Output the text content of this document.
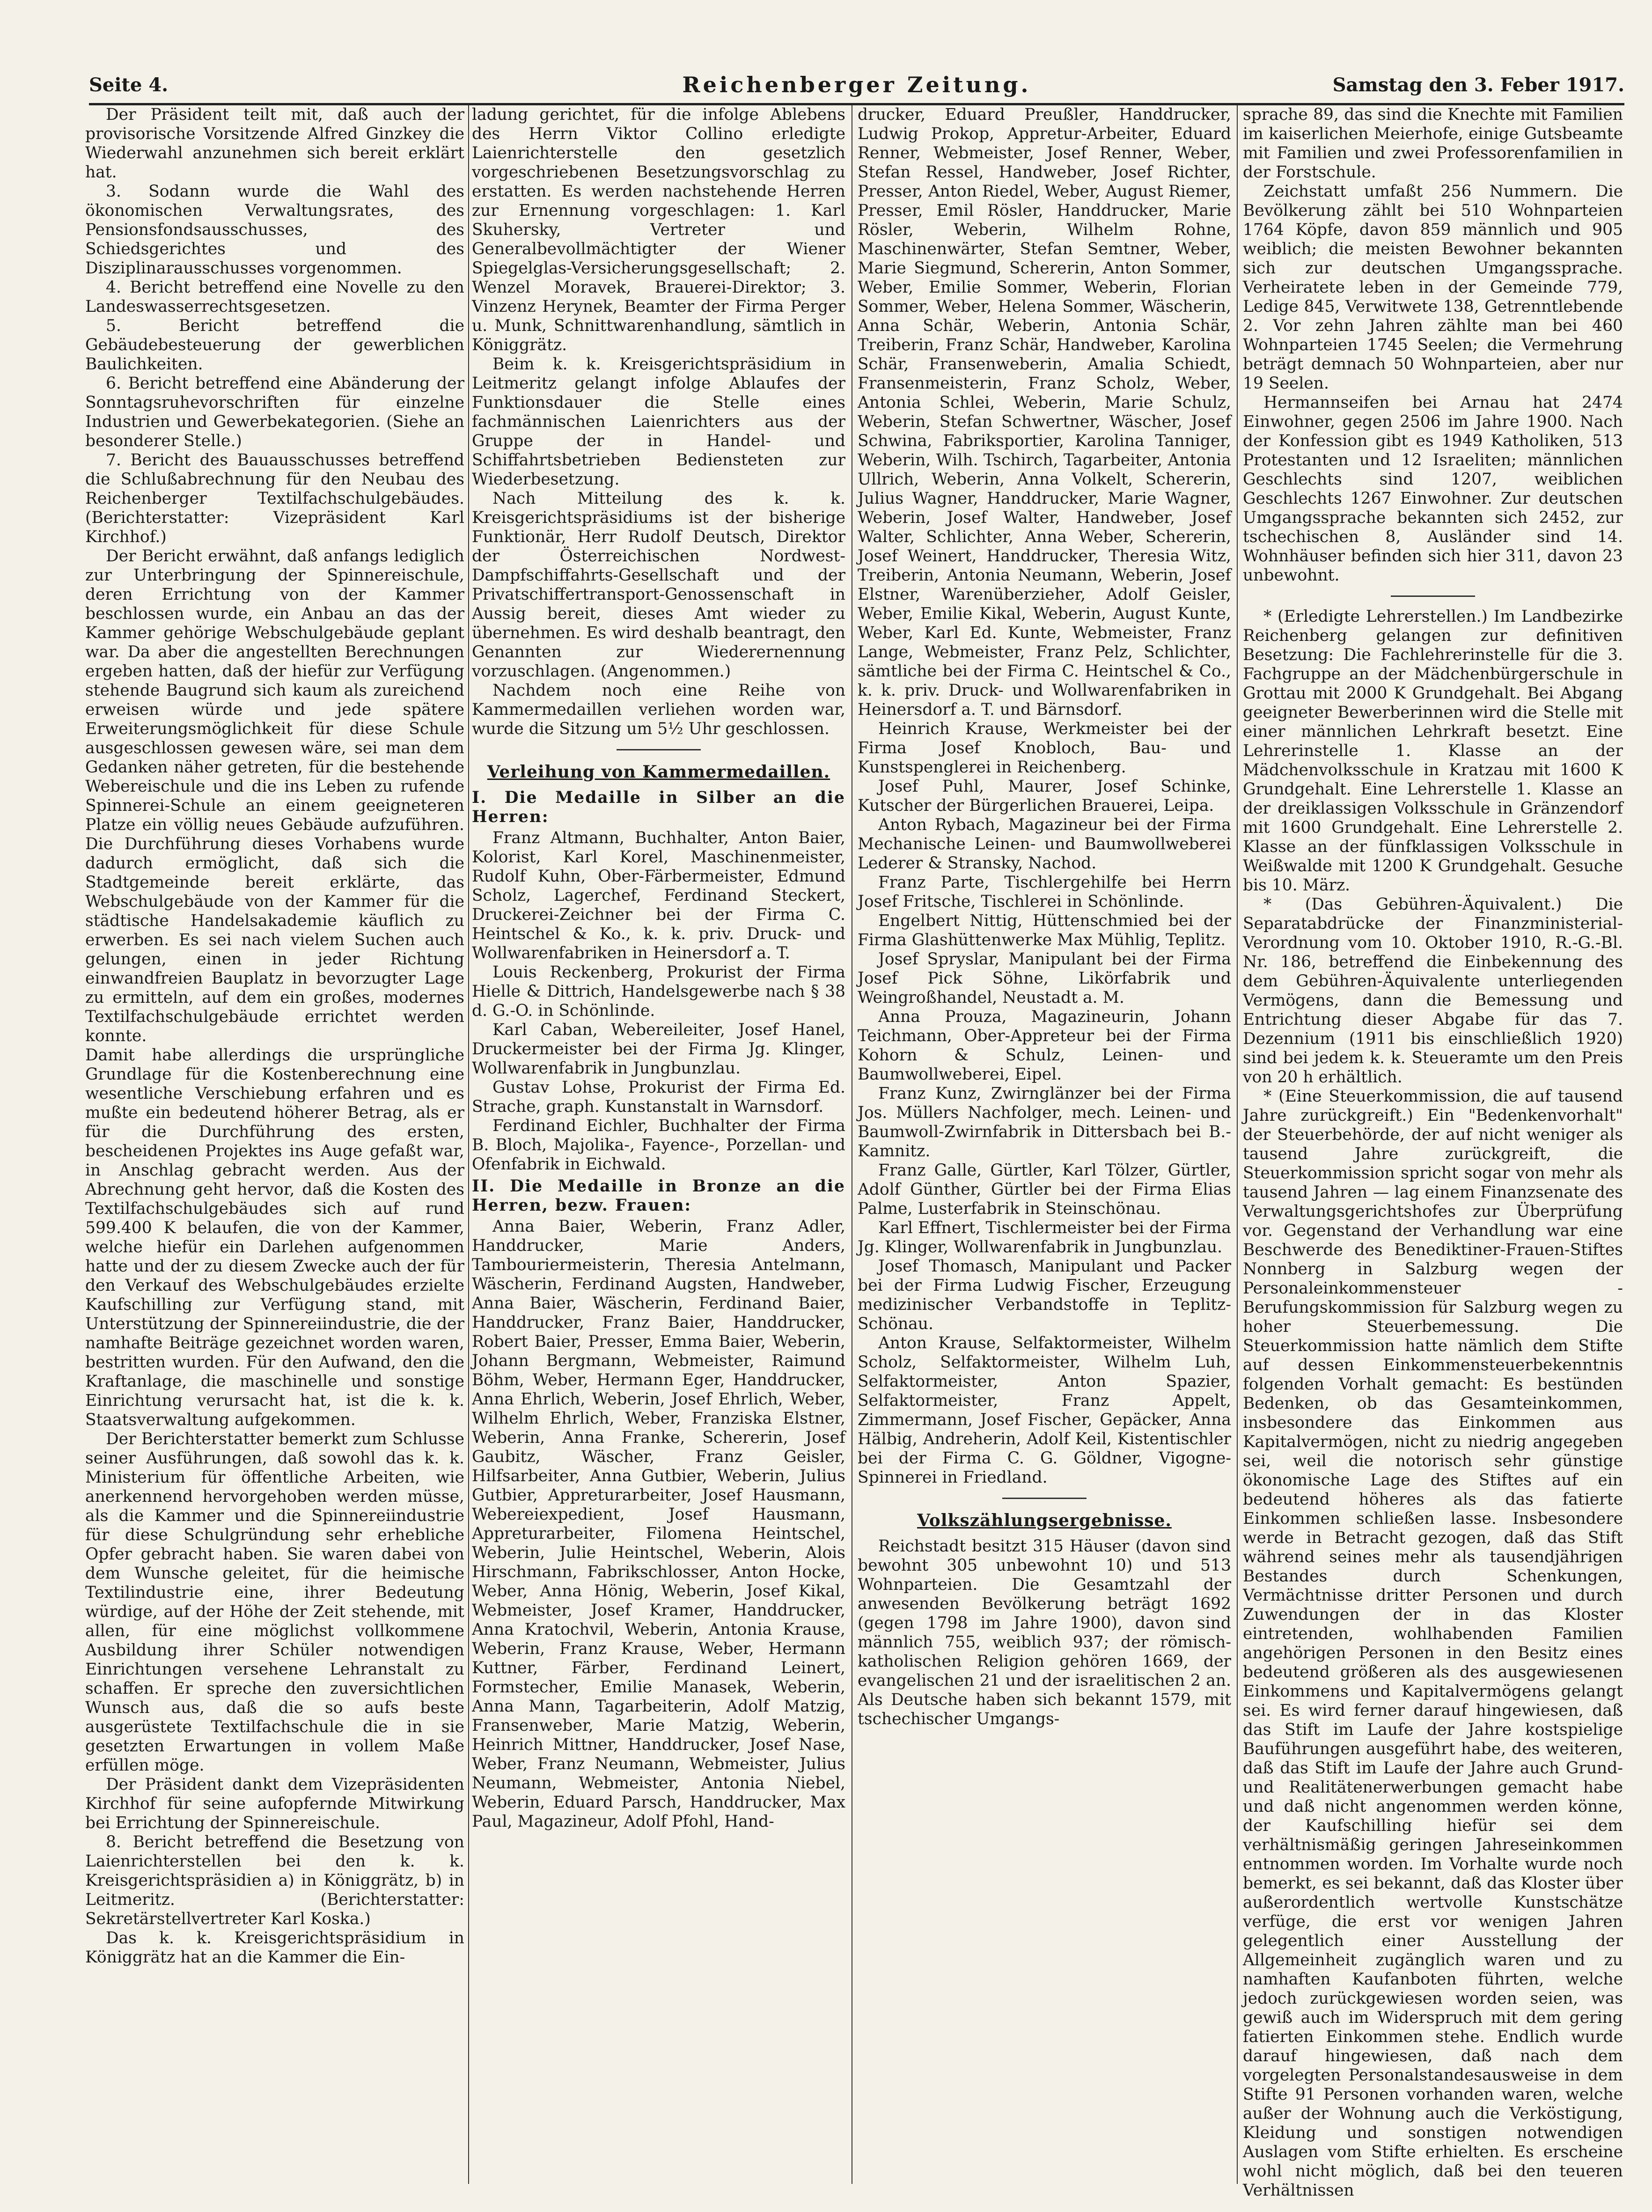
Seite 4.	Reichenberger Zeitung.	Samstag den 3. Feber 1917.

Der Präsident teilt mit, daß auch der provisorische Vorsitzende Alfred Ginzkey die Wiederwahl anzunehmen sich bereit erklärt hat.

3. Sodann wurde die Wahl des ökonomischen Verwaltungsrates, des Pensionsfondsausschusses, des Schiedsgerichtes und des Disziplinarausschusses vorgenommen.

4. Bericht betreffend eine Novelle zu den Landeswasserrechtsgesetzen.

5. Bericht betreffend die Gebäudebesteuerung der gewerblichen Baulichkeiten.

6. Bericht betreffend eine Abänderung der Sonntagsruhevorschriften für einzelne Industrien und Gewerbekategorien. (Siehe an besonderer Stelle.)

7. Bericht des Bauausschusses betreffend die Schlußabrechnung für den Neubau des Reichenberger Textilfachschulgebäudes. (Berichterstatter: Vizepräsident Karl Kirchhof.)

Der Bericht erwähnt, daß anfangs lediglich zur Unterbringung der Spinnereischule, deren Errichtung von der Kammer beschlossen wurde, ein Anbau an das der Kammer gehörige Webschulgebäude geplant war. Da aber die angestellten Berechnungen ergeben hatten, daß der hiefür zur Verfügung stehende Baugrund sich kaum als zureichend erweisen würde und jede spätere Erweiterungsmöglichkeit für diese Schule ausgeschlossen gewesen wäre, sei man dem Gedanken näher getreten, für die bestehende Webereischule und die ins Leben zu rufende Spinnerei-Schule an einem geeigneteren Platze ein völlig neues Gebäude aufzuführen. Die Durchführung dieses Vorhabens wurde dadurch ermöglicht, daß sich die Stadtgemeinde bereit erklärte, das Webschulgebäude von der Kammer für die städtische Handelsakademie käuflich zu erwerben. Es sei nach vielem Suchen auch gelungen, einen in jeder Richtung einwandfreien Bauplatz in bevorzugter Lage zu ermitteln, auf dem ein großes, modernes Textilfachschulgebäude errichtet werden konnte.

Damit habe allerdings die ursprüngliche Grundlage für die Kostenberechnung eine wesentliche Verschiebung erfahren und es mußte ein bedeutend höherer Betrag, als er für die Durchführung des ersten, bescheidenen Projektes ins Auge gefaßt war, in Anschlag gebracht werden. Aus der Abrechnung geht hervor, daß die Kosten des Textilfachschulgebäudes sich auf rund 599.400 K belaufen, die von der Kammer, welche hiefür ein Darlehen aufgenommen hatte und der zu diesem Zwecke auch der für den Verkauf des Webschulgebäudes erzielte Kaufschilling zur Verfügung stand, mit Unterstützung der Spinnereiindustrie, die der namhafte Beiträge gezeichnet worden waren, bestritten wurden. Für den Aufwand, den die Kraftanlage, die maschinelle und sonstige Einrichtung verursacht hat, ist die k. k. Staatsverwaltung aufgekommen.

Der Berichterstatter bemerkt zum Schlusse seiner Ausführungen, daß sowohl das k. k. Ministerium für öffentliche Arbeiten, wie anerkennend hervorgehoben werden müsse, als die Kammer und die Spinnereiindustrie für diese Schulgründung sehr erhebliche Opfer gebracht haben. Sie waren dabei von dem Wunsche geleitet, für die heimische Textilindustrie eine, ihrer Bedeutung würdige, auf der Höhe der Zeit stehende, mit allen, für eine möglichst vollkommene Ausbildung ihrer Schüler notwendigen Einrichtungen versehene Lehranstalt zu schaffen. Er spreche den zuversichtlichen Wunsch aus, daß die so aufs beste ausgerüstete Textilfachschule die in sie gesetzten Erwartungen in vollem Maße erfüllen möge.

Der Präsident dankt dem Vizepräsidenten Kirchhof für seine aufopfernde Mitwirkung bei Errichtung der Spinnereischule.

8. Bericht betreffend die Besetzung von Laienrichterstellen bei den k. k. Kreisgerichtspräsidien a) in Königgrätz, b) in Leitmeritz. (Berichterstatter: Sekretärstellvertreter Karl Koska.)

Das k. k. Kreisgerichtspräsidium in Königgrätz hat an die Kammer die Ein-

ladung gerichtet, für die infolge Ablebens des Herrn Viktor Collino erledigte Laienrichterstelle den gesetzlich vorgeschriebenen Besetzungsvorschlag zu erstatten. Es werden nachstehende Herren zur Ernennung vorgeschlagen: 1. Karl Skuhersky, Vertreter und Generalbevollmächtigter der Wiener Spiegelglas-Versicherungsgesellschaft; 2. Wenzel Moravek, Brauerei-Direktor; 3. Vinzenz Herynek, Beamter der Firma Perger u. Munk, Schnittwarenhandlung, sämtlich in Königgrätz.

Beim k. k. Kreisgerichtspräsidium in Leitmeritz gelangt infolge Ablaufes der Funktionsdauer die Stelle eines fachmännischen Laienrichters aus der Gruppe der in Handel- und Schiffahrtsbetrieben Bediensteten zur Wiederbesetzung.

Nach Mitteilung des k. k. Kreisgerichtspräsidiums ist der bisherige Funktionär, Herr Rudolf Deutsch, Direktor der Österreichischen Nordwest-Dampfschiffahrts-Gesellschaft und der Privatschiffertransport-Genossenschaft in Aussig bereit, dieses Amt wieder zu übernehmen. Es wird deshalb beantragt, den Genannten zur Wiederernennung vorzuschlagen. (Angenommen.)

Nachdem noch eine Reihe von Kammermedaillen verliehen worden war, wurde die Sitzung um 5½ Uhr geschlossen.

Verleihung von Kammermedaillen.

I. Die Medaille in Silber an die Herren:

Franz Altmann, Buchhalter, Anton Baier, Kolorist, Karl Korel, Maschinenmeister, Rudolf Kuhn, Ober-Färbermeister, Edmund Scholz, Lagerchef, Ferdinand Steckert, Druckerei-Zeichner bei der Firma C. Heintschel & Ko., k. k. priv. Druck- und Wollwarenfabriken in Heinersdorf a. T.

Louis Reckenberg, Prokurist der Firma Hielle & Dittrich, Handelsgewerbe nach § 38 d. G.-O. in Schönlinde.

Karl Caban, Webereileiter, Josef Hanel, Druckermeister bei der Firma Jg. Klinger, Wollwarenfabrik in Jungbunzlau.

Gustav Lohse, Prokurist der Firma Ed. Strache, graph. Kunstanstalt in Warnsdorf.

Ferdinand Eichler, Buchhalter der Firma B. Bloch, Majolika-, Fayence-, Porzellan- und Ofenfabrik in Eichwald.

II. Die Medaille in Bronze an die Herren, bezw. Frauen:

Anna Baier, Weberin, Franz Adler, Handdrucker, Marie Anders, Tambouriermeisterin, Theresia Antelmann, Wäscherin, Ferdinand Augsten, Handweber, Anna Baier, Wäscherin, Ferdinand Baier, Handdrucker, Franz Baier, Handdrucker, Robert Baier, Presser, Emma Baier, Weberin, Johann Bergmann, Webmeister, Raimund Böhm, Weber, Hermann Eger, Handdrucker, Anna Ehrlich, Weberin, Josef Ehrlich, Weber, Wilhelm Ehrlich, Weber, Franziska Elstner, Weberin, Anna Franke, Schererin, Josef Gaubitz, Wäscher, Franz Geisler, Hilfsarbeiter, Anna Gutbier, Weberin, Julius Gutbier, Appreturarbeiter, Josef Hausmann, Webereiexpedient, Josef Hausmann, Appreturarbeiter, Filomena Heintschel, Weberin, Julie Heintschel, Weberin, Alois Hirschmann, Fabrikschlosser, Anton Hocke, Weber, Anna Hönig, Weberin, Josef Kikal, Webmeister, Josef Kramer, Handdrucker, Anna Kratochvil, Weberin, Antonia Krause, Weberin, Franz Krause, Weber, Hermann Kuttner, Färber, Ferdinand Leinert, Formstecher, Emilie Manasek, Weberin, Anna Mann, Tagarbeiterin, Adolf Matzig, Fransenweber, Marie Matzig, Weberin, Heinrich Mittner, Handdrucker, Josef Nase, Weber, Franz Neumann, Webmeister, Julius Neumann, Webmeister, Antonia Niebel, Weberin, Eduard Parsch, Handdrucker, Max Paul, Magazineur, Adolf Pfohl, Hand-

drucker, Eduard Preußler, Handdrucker, Ludwig Prokop, Appretur-Arbeiter, Eduard Renner, Webmeister, Josef Renner, Weber, Stefan Ressel, Handweber, Josef Richter, Presser, Anton Riedel, Weber, August Riemer, Presser, Emil Rösler, Handdrucker, Marie Rösler, Weberin, Wilhelm Rohne, Maschinenwärter, Stefan Semtner, Weber, Marie Siegmund, Schererin, Anton Sommer, Weber, Emilie Sommer, Weberin, Florian Sommer, Weber, Helena Sommer, Wäscherin, Anna Schär, Weberin, Antonia Schär, Treiberin, Franz Schär, Handweber, Karolina Schär, Fransenweberin, Amalia Schiedt, Fransenmeisterin, Franz Scholz, Weber, Antonia Schlei, Weberin, Marie Schulz, Weberin, Stefan Schwertner, Wäscher, Josef Schwina, Fabriksportier, Karolina Tanniger, Weberin, Wilh. Tschirch, Tagarbeiter, Antonia Ullrich, Weberin, Anna Volkelt, Schererin, Julius Wagner, Handdrucker, Marie Wagner, Weberin, Josef Walter, Handweber, Josef Walter, Schlichter, Anna Weber, Schererin, Josef Weinert, Handdrucker, Theresia Witz, Treiberin, Antonia Neumann, Weberin, Josef Elstner, Warenüberzieher, Adolf Geisler, Weber, Emilie Kikal, Weberin, August Kunte, Weber, Karl Ed. Kunte, Webmeister, Franz Lange, Webmeister, Franz Pelz, Schlichter, sämtliche bei der Firma C. Heintschel & Co., k. k. priv. Druck- und Wollwarenfabriken in Heinersdorf a. T. und Bärnsdorf.

Heinrich Krause, Werkmeister bei der Firma Josef Knobloch, Bau- und Kunstspenglerei in Reichenberg.

Josef Puhl, Maurer, Josef Schinke, Kutscher der Bürgerlichen Brauerei, Leipa.

Anton Rybach, Magazineur bei der Firma Mechanische Leinen- und Baumwollweberei Lederer & Stransky, Nachod.

Franz Parte, Tischlergehilfe bei Herrn Josef Fritsche, Tischlerei in Schönlinde.

Engelbert Nittig, Hüttenschmied bei der Firma Glashüttenwerke Max Mühlig, Teplitz.

Josef Spryslar, Manipulant bei der Firma Josef Pick Söhne, Likörfabrik und Weingroßhandel, Neustadt a. M.

Anna Prouza, Magazineurin, Johann Teichmann, Ober-Appreteur bei der Firma Kohorn & Schulz, Leinen- und Baumwollweberei, Eipel.

Franz Kunz, Zwirnglänzer bei der Firma Jos. Müllers Nachfolger, mech. Leinen- und Baumwoll-Zwirnfabrik in Dittersbach bei B.-Kamnitz.

Franz Galle, Gürtler, Karl Tölzer, Gürtler, Adolf Günther, Gürtler bei der Firma Elias Palme, Lusterfabrik in Steinschönau.

Karl Effnert, Tischlermeister bei der Firma Jg. Klinger, Wollwarenfabrik in Jungbunzlau.

Josef Thomasch, Manipulant und Packer bei der Firma Ludwig Fischer, Erzeugung medizinischer Verbandstoffe in Teplitz-Schönau.

Anton Krause, Selfaktormeister, Wilhelm Scholz, Selfaktormeister, Wilhelm Luh, Selfaktormeister, Anton Spazier, Selfaktormeister, Franz Appelt, Zimmermann, Josef Fischer, Gepäcker, Anna Hälbig, Andreherin, Adolf Keil, Kistentischler bei der Firma C. G. Göldner, Vigogne-Spinnerei in Friedland.

Volkszählungsergebnisse.

Reichstadt besitzt 315 Häuser (davon sind bewohnt 305 unbewohnt 10) und 513 Wohnparteien. Die Gesamtzahl der anwesenden Bevölkerung beträgt 1692 (gegen 1798 im Jahre 1900), davon sind männlich 755, weiblich 937; der römisch-katholischen Religion gehören 1669, der evangelischen 21 und der israelitischen 2 an. Als Deutsche haben sich bekannt 1579, mit tschechischer Umgangs-

sprache 89, das sind die Knechte mit Familien im kaiserlichen Meierhofe, einige Gutsbeamte mit Familien und zwei Professorenfamilien in der Forstschule.

Zeichstatt umfaßt 256 Nummern. Die Bevölkerung zählt bei 510 Wohnparteien 1764 Köpfe, davon 859 männlich und 905 weiblich; die meisten Bewohner bekannten sich zur deutschen Umgangssprache. Verheiratete leben in der Gemeinde 779, Ledige 845, Verwitwete 138, Getrenntlebende 2. Vor zehn Jahren zählte man bei 460 Wohnparteien 1745 Seelen; die Vermehrung beträgt demnach 50 Wohnparteien, aber nur 19 Seelen.

Hermannseifen bei Arnau hat 2474 Einwohner, gegen 2506 im Jahre 1900. Nach der Konfession gibt es 1949 Katholiken, 513 Protestanten und 12 Israeliten; männlichen Geschlechts sind 1207, weiblichen Geschlechts 1267 Einwohner. Zur deutschen Umgangssprache bekannten sich 2452, zur tschechischen 8, Ausländer sind 14. Wohnhäuser befinden sich hier 311, davon 23 unbewohnt.

* (Erledigte Lehrerstellen.) Im Landbezirke Reichenberg gelangen zur definitiven Besetzung: Die Fachlehrerinstelle für die 3. Fachgruppe an der Mädchenbürgerschule in Grottau mit 2000 K Grundgehalt. Bei Abgang geeigneter Bewerberinnen wird die Stelle mit einer männlichen Lehrkraft besetzt. Eine Lehrerinstelle 1. Klasse an der Mädchenvolksschule in Kratzau mit 1600 K Grundgehalt. Eine Lehrerstelle 1. Klasse an der dreiklassigen Volksschule in Gränzendorf mit 1600 Grundgehalt. Eine Lehrerstelle 2. Klasse an der fünfklassigen Volksschule in Weißwalde mit 1200 K Grundgehalt. Gesuche bis 10. März.

* (Das Gebühren-Äquivalent.) Die Separatabdrücke der Finanzministerial-Verordnung vom 10. Oktober 1910, R.-G.-Bl. Nr. 186, betreffend die Einbekennung des dem Gebühren-Äquivalente unterliegenden Vermögens, dann die Bemessung und Entrichtung dieser Abgabe für das 7. Dezennium (1911 bis einschließlich 1920) sind bei jedem k. k. Steueramte um den Preis von 20 h erhältlich.

* (Eine Steuerkommission, die auf tausend Jahre zurückgreift.) Ein "Bedenkenvorhalt" der Steuerbehörde, der auf nicht weniger als tausend Jahre zurückgreift, die Steuerkommission spricht sogar von mehr als tausend Jahren — lag einem Finanzsenate des Verwaltungsgerichtshofes zur Überprüfung vor. Gegenstand der Verhandlung war eine Beschwerde des Benediktiner-Frauen-Stiftes Nonnberg in Salzburg wegen der Personaleinkommensteuer - Berufungskommission für Salzburg wegen zu hoher Steuerbemessung. Die Steuerkommission hatte nämlich dem Stifte auf dessen Einkommensteuerbekenntnis folgenden Vorhalt gemacht: Es bestünden Bedenken, ob das Gesamteinkommen, insbesondere das Einkommen aus Kapitalvermögen, nicht zu niedrig angegeben sei, weil die notorisch sehr günstige ökonomische Lage des Stiftes auf ein bedeutend höheres als das fatierte Einkommen schließen lasse. Insbesondere werde in Betracht gezogen, daß das Stift während seines mehr als tausendjährigen Bestandes durch Schenkungen, Vermächtnisse dritter Personen und durch Zuwendungen der in das Kloster eintretenden, wohlhabenden Familien angehörigen Personen in den Besitz eines bedeutend größeren als des ausgewiesenen Einkommens und Kapitalvermögens gelangt sei. Es wird ferner darauf hingewiesen, daß das Stift im Laufe der Jahre kostspielige Bauführungen ausgeführt habe, des weiteren, daß das Stift im Laufe der Jahre auch Grund- und Realitätenerwerbungen gemacht habe und daß nicht angenommen werden könne, der Kaufschilling hiefür sei dem verhältnismäßig geringen Jahreseinkommen entnommen worden. Im Vorhalte wurde noch bemerkt, es sei bekannt, daß das Kloster über außerordentlich wertvolle Kunstschätze verfüge, die erst vor wenigen Jahren gelegentlich einer Ausstellung der Allgemeinheit zugänglich waren und zu namhaften Kaufanboten führten, welche jedoch zurückgewiesen worden seien, was gewiß auch im Widerspruch mit dem gering fatierten Einkommen stehe. Endlich wurde darauf hingewiesen, daß nach dem vorgelegten Personalstandesausweise in dem Stifte 91 Personen vorhanden waren, welche außer der Wohnung auch die Verköstigung, Kleidung und sonstigen notwendigen Auslagen vom Stifte erhielten. Es erscheine wohl nicht möglich, daß bei den teueren Verhältnissen
